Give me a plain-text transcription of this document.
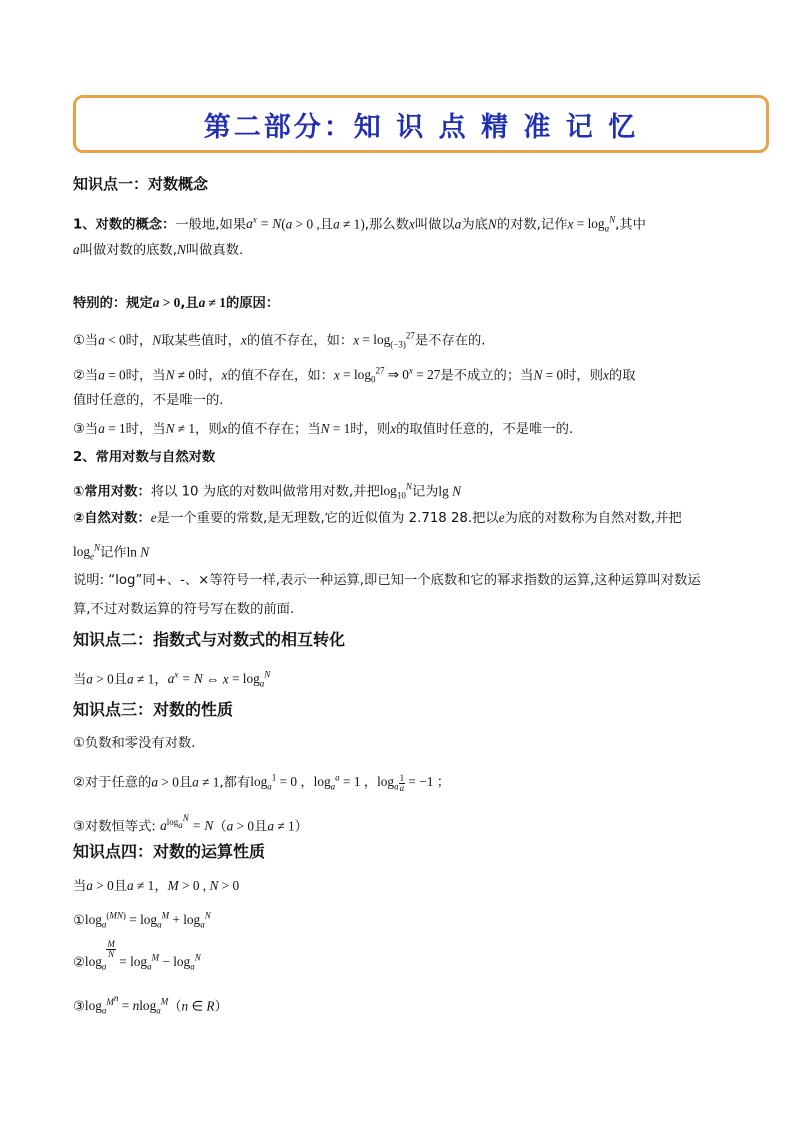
第二部分：知 识 点 精 准 记 忆
知识点一：对数概念
1、对数的概念：一般地,如果$a^x = N(a > 0$ ,且a ≠ 1),那么数x叫做以a为底N的对数,记作$x = \log_a^N$,其中
a叫做对数的底数,N叫做真数.
特别的：规定a > 0,且a ≠ 1的原因：
①当a < 0时，N取某些值时，x的值不存在，如：$x = \log_{(-3)}^{27}$是不存在的.
②当a = 0时，当N ≠ 0时，x的值不存在，如：$x = \log_0^{27}$ ⇒ $0^x = 27$是不成立的；当N = 0时，则x的取
值时任意的，不是唯一的.
③当a = 1时，当N ≠ 1，则x的值不存在；当N = 1时，则x的取值时任意的，不是唯一的.
2、常用对数与自然对数
①常用对数：将以 10 为底的对数叫做常用对数,并把$\log_{10}^N$记为lg N
②自然对数：e是一个重要的常数,是无理数,它的近似值为 2.718 28.把以e为底的对数称为自然对数,并把
$\log_e^N$记作ln N
说明: “log”同+、-、×等符号一样,表示一种运算,即已知一个底数和它的幂求指数的运算,这种运算叫对数运
算,不过对数运算的符号写在数的前面.
知识点二：指数式与对数式的相互转化
当a > 0且a ≠ 1，$a^x = N$ ⇔ $x = \log_a^N$
知识点三：对数的性质
①负数和零没有对数.
②对于任意的a > 0且a ≠ 1,都有$\log_a^1 = 0$ ，$\log_a^a = 1$ ，$\log_a \frac{1}{a} = -1$ ；
③对数恒等式: $a^{log_a^N} = N(a > 0$且a ≠ 1）
知识点四：对数的运算性质
当a > 0且a ≠ 1，M > 0 , N > 0
$①\log_a^{(MN)} = \log_a^M + \log_a^N$
$②\log_a$
$\frac{M}{N}$
= $\log_a^M - \log_a^N$
$③\log_a^{M^n} = nlog_a^M(n$ ∈ R）
